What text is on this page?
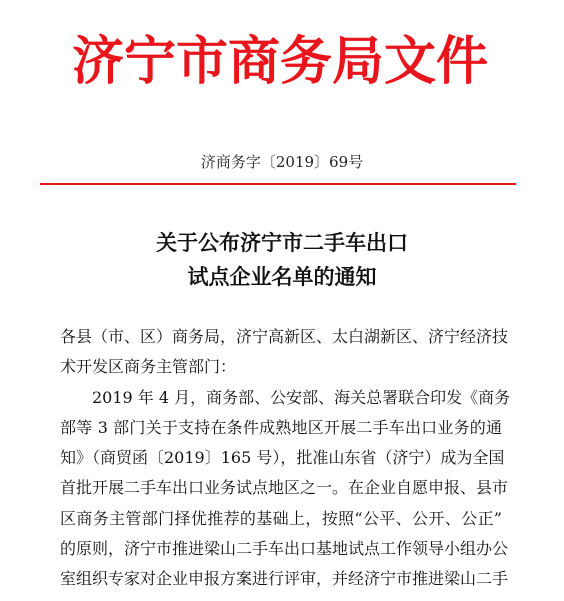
济宁市商务局文件
济商务字〔2019〕69号
关于公布济宁市二手车出口
试点企业名单的通知
各县（市、区）商务局，济宁高新区、太白湖新区、济宁经济技
术开发区商务主管部门：
2019 年 4 月，商务部、公安部、海关总署联合印发《商务
部等 3 部门关于支持在条件成熟地区开展二手车出口业务的通
知》（商贸函〔2019〕165 号），批准山东省（济宁）成为全国
首批开展二手车出口业务试点地区之一。在企业自愿申报、县市
区商务主管部门择优推荐的基础上，按照“公平、公开、公正”
的原则，济宁市推进梁山二手车出口基地试点工作领导小组办公
室组织专家对企业申报方案进行评审，并经济宁市推进梁山二手
